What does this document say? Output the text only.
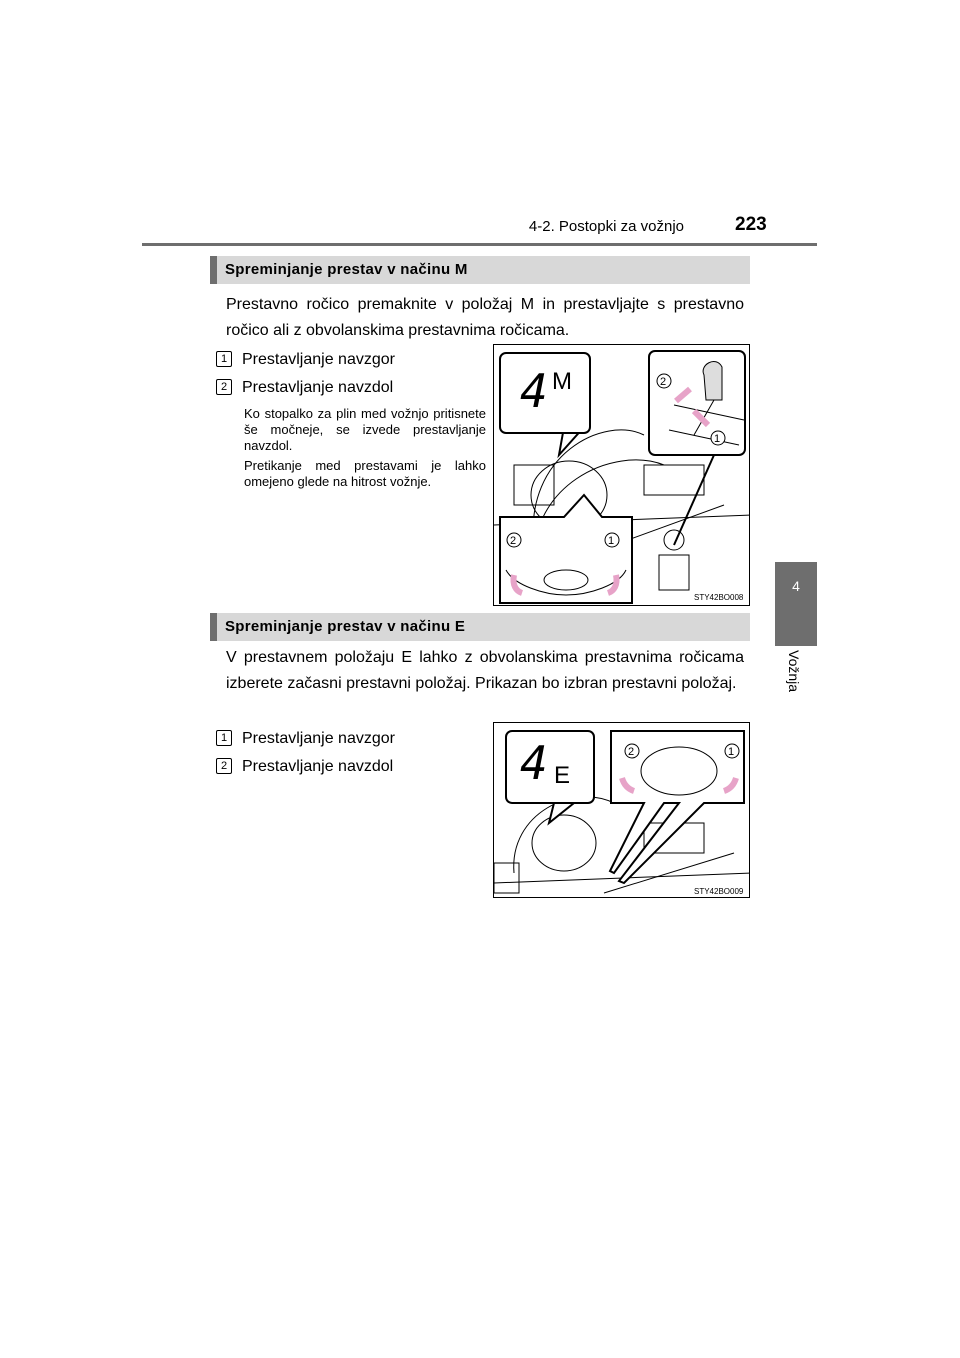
4-2. Postopki za vožnjo	223
4
Vožnja
Spreminjanje prestav v načinu M
Prestavno ročico premaknite v položaj M in prestavljajte s prestavno ročico ali z obvolanskima prestavnima ročicama.
1 Prestavljanje navzgor
2 Prestavljanje navzdol
Ko stopalko za plin med vožnjo pritisnete še močneje, se izvede prestavljanje navzdol.
Pretikanje med prestavami je lahko omejeno glede na hitrost vožnje.
4 M	2
1
2	1
STY42BO008
Spreminjanje prestav v načinu E
V prestavnem položaju E lahko z obvolanskima prestavnima ročicama izberete začasni prestavni položaj. Prikazan bo izbran prestavni položaj.
1 Prestavljanje navzgor
2 Prestavljanje navzdol	4 E
2	1
STY42BO009
